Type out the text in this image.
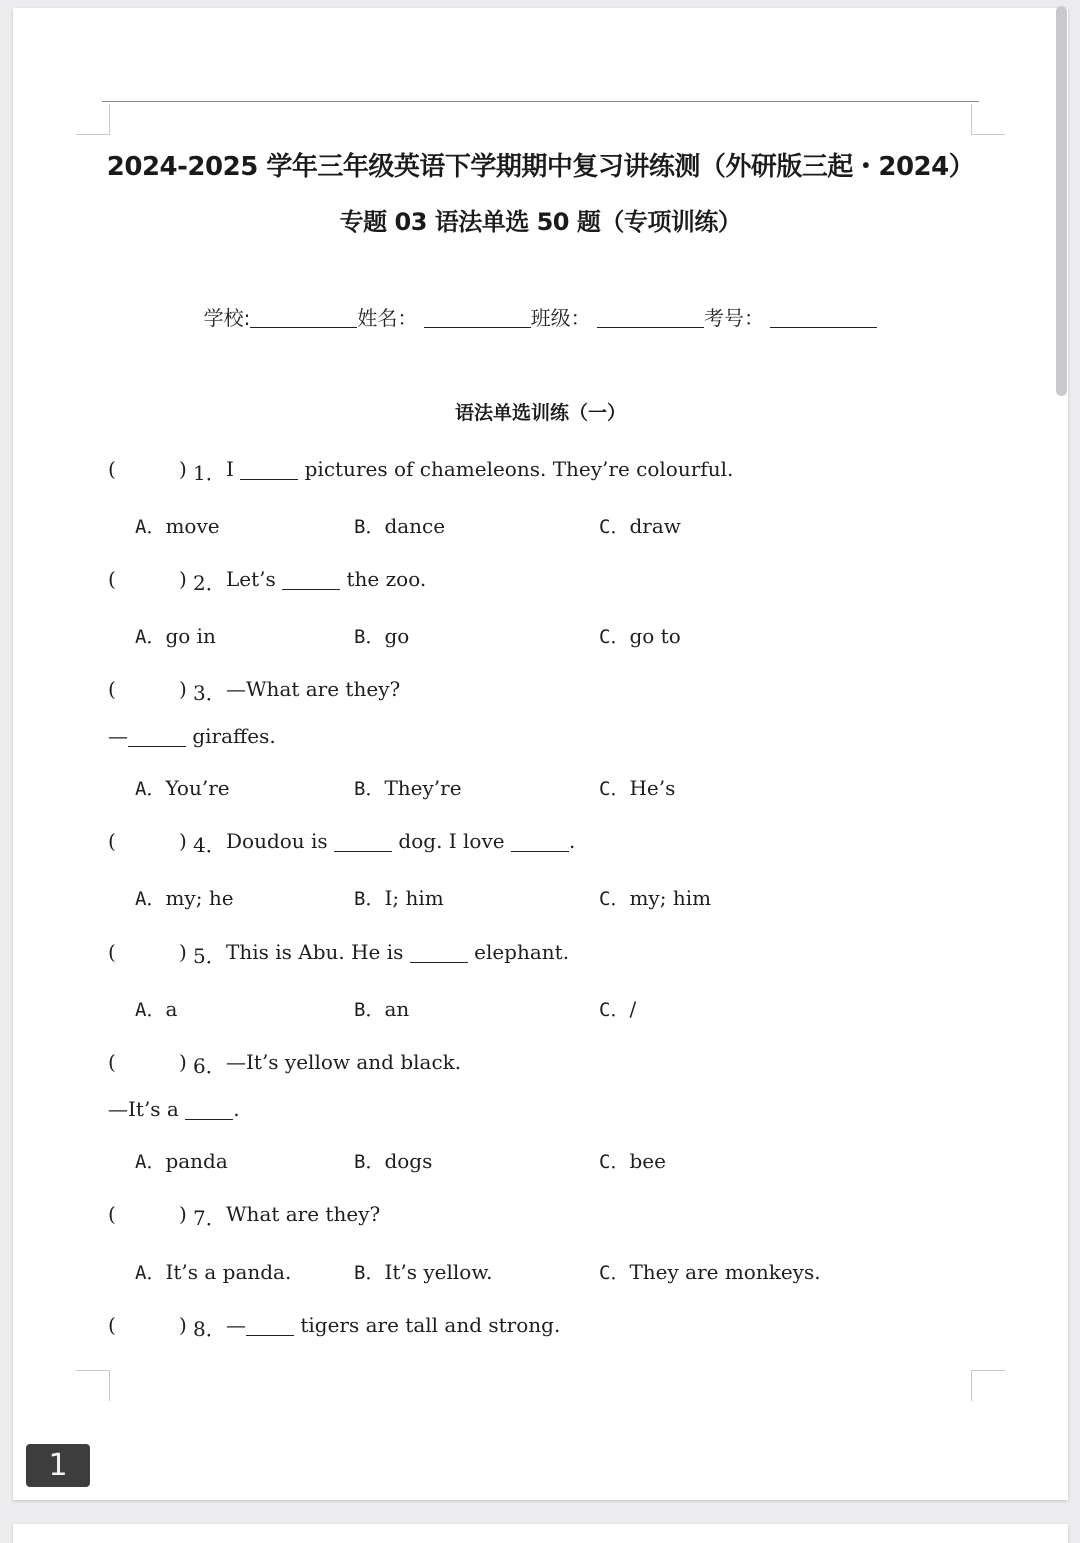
2024-2025 学年三年级英语下学期期中复习讲练测（外研版三起・2024）
专题 03 语法单选 50 题（专项训练）
学校:	姓名：	班级：	考号：
语法单选训练（一）
(	) 1． I	pictures of chameleons. They’re colourful.
A．move	B．dance	C．draw
(	) 2． Let’s	the zoo.
A．go in	B．go	C．go to
(	) 3． —What are they?
—	giraffes.
A．You’re	B．They’re	C．He’s
(	) 4． Doudou is	dog. I love	.
A．my; he	B．I; him	C．my; him
(	) 5． This is Abu. He is	elephant.
A．a	B．an	C．/
(	) 6． —It’s yellow and black.
—It’s a .
A．panda	B．dogs	C．bee
(	) 7． What are they?
A．It’s a panda.	B．It’s yellow.	C．They are monkeys.
(	) 8． — tigers are tall and strong.
1
